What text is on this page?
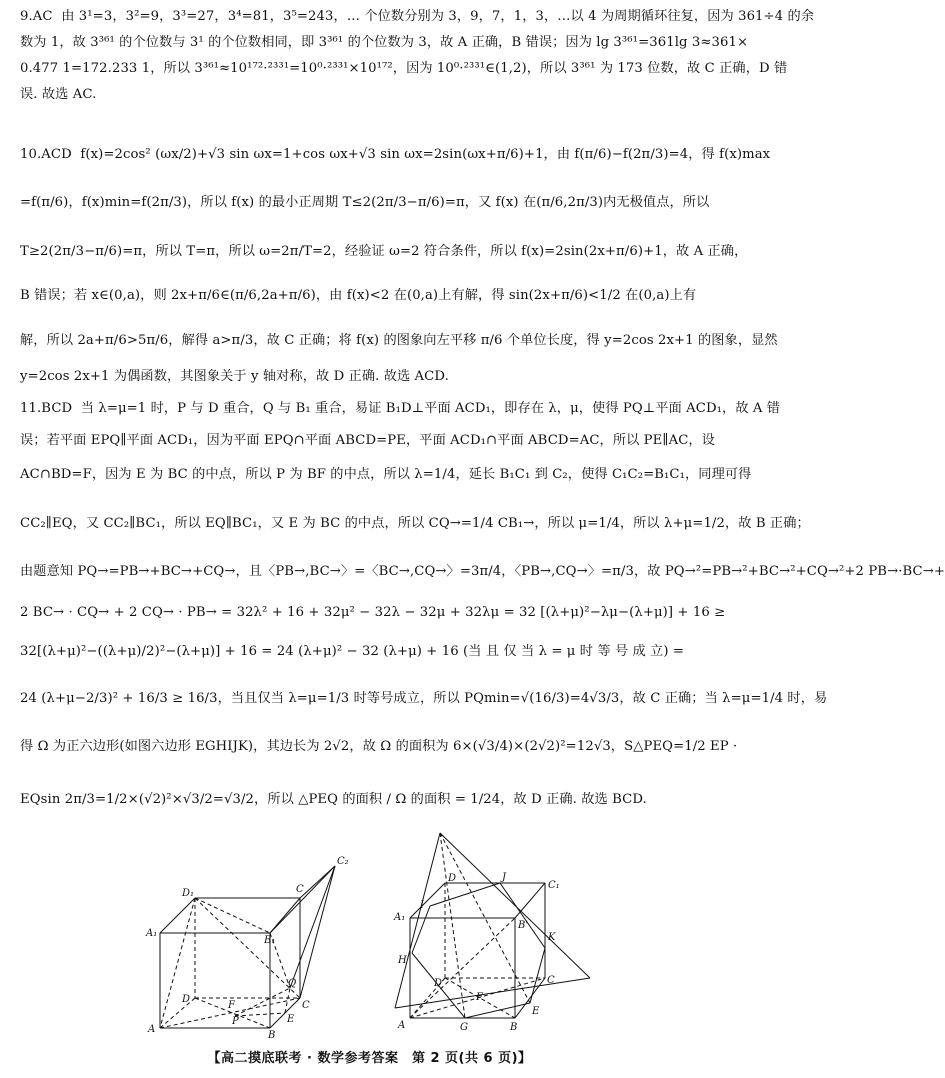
9.AC 由 3¹=3，3²=9，3³=27，3⁴=81，3⁵=243，… 个位数分别为 3，9，7，1，3，…以 4 为周期循环往复，因为 361÷4 的余
数为 1，故 3³⁶¹ 的个位数与 3¹ 的个位数相同，即 3³⁶¹ 的个位数为 3，故 A 正确，B 错误；因为 lg 3³⁶¹=361lg 3≈361×
0.477 1=172.233 1，所以 3³⁶¹≈10¹⁷²·²³³¹=10⁰·²³³¹×10¹⁷²，因为 10⁰·²³³¹∈(1,2)，所以 3³⁶¹ 为 173 位数，故 C 正确，D 错
误. 故选 AC.
10.ACD f(x)=2cos² (ωx/2)+√3 sin ωx=1+cos ωx+√3 sin ωx=2sin(ωx+π/6)+1，由 f(π/6)−f(2π/3)=4，得 f(x)max
=f(π/6)，f(x)min=f(2π/3)，所以 f(x) 的最小正周期 T≤2(2π/3−π/6)=π，又 f(x) 在(π/6,2π/3)内无极值点，所以
T≥2(2π/3−π/6)=π，所以 T=π，所以 ω=2π/T=2，经验证 ω=2 符合条件，所以 f(x)=2sin(2x+π/6)+1，故 A 正确，
B 错误；若 x∈(0,a)，则 2x+π/6∈(π/6,2a+π/6)，由 f(x)<2 在(0,a)上有解，得 sin(2x+π/6)<1/2 在(0,a)上有
解，所以 2a+π/6>5π/6，解得 a>π/3，故 C 正确；将 f(x) 的图象向左平移 π/6 个单位长度，得 y=2cos 2x+1 的图象，显然
y=2cos 2x+1 为偶函数，其图象关于 y 轴对称，故 D 正确. 故选 ACD.
11.BCD 当 λ=μ=1 时，P 与 D 重合，Q 与 B₁ 重合，易证 B₁D⊥平面 ACD₁，即存在 λ，μ，使得 PQ⊥平面 ACD₁，故 A 错
误；若平面 EPQ∥平面 ACD₁，因为平面 EPQ∩平面 ABCD=PE，平面 ACD₁∩平面 ABCD=AC，所以 PE∥AC，设
AC∩BD=F，因为 E 为 BC 的中点，所以 P 为 BF 的中点，所以 λ=1/4，延长 B₁C₁ 到 C₂，使得 C₁C₂=B₁C₁，同理可得
CC₂∥EQ，又 CC₂∥BC₁，所以 EQ∥BC₁，又 E 为 BC 的中点，所以 CQ→=1/4 CB₁→，所以 μ=1/4，所以 λ+μ=1/2，故 B 正确；
由题意知 PQ→=PB→+BC→+CQ→，且〈PB→,BC→〉=〈BC→,CQ→〉=3π/4，〈PB→,CQ→〉=π/3，故 PQ→²=PB→²+BC→²+CQ→²+2 PB→·BC→+
2 BC→ · CQ→ + 2 CQ→ · PB→ = 32λ² + 16 + 32μ² − 32λ − 32μ + 32λμ = 32 [(λ+μ)²−λμ−(λ+μ)] + 16 ≥
32[(λ+μ)²−((λ+μ)/2)²−(λ+μ)] + 16 = 24 (λ+μ)² − 32 (λ+μ) + 16 (当 且 仅 当 λ = μ 时 等 号 成 立) =
24 (λ+μ−2/3)² + 16/3 ≥ 16/3，当且仅当 λ=μ=1/3 时等号成立，所以 PQmin=√(16/3)=4√3/3，故 C 正确；当 λ=μ=1/4 时，易
得 Ω 为正六边形(如图六边形 EGHIJK)，其边长为 2√2，故 Ω 的面积为 6×(√3/4)×(2√2)²=12√3，S△PEQ=1/2 EP ·
EQsin 2π/3=1/2×(√2)²×√3/2=√3/2，所以 △PEQ 的面积 / Ω 的面积 = 1/24，故 D 正确. 故选 BCD.
C₂
D₁	C
A₁
B₁
Q
D
F	C
A
P	E
B
D	J
C₁
A₁
I
B'
K
H
D
F
C
A	G	B
E
【高二摸底联考 · 数学参考答案　第 2 页(共 6 页)】
